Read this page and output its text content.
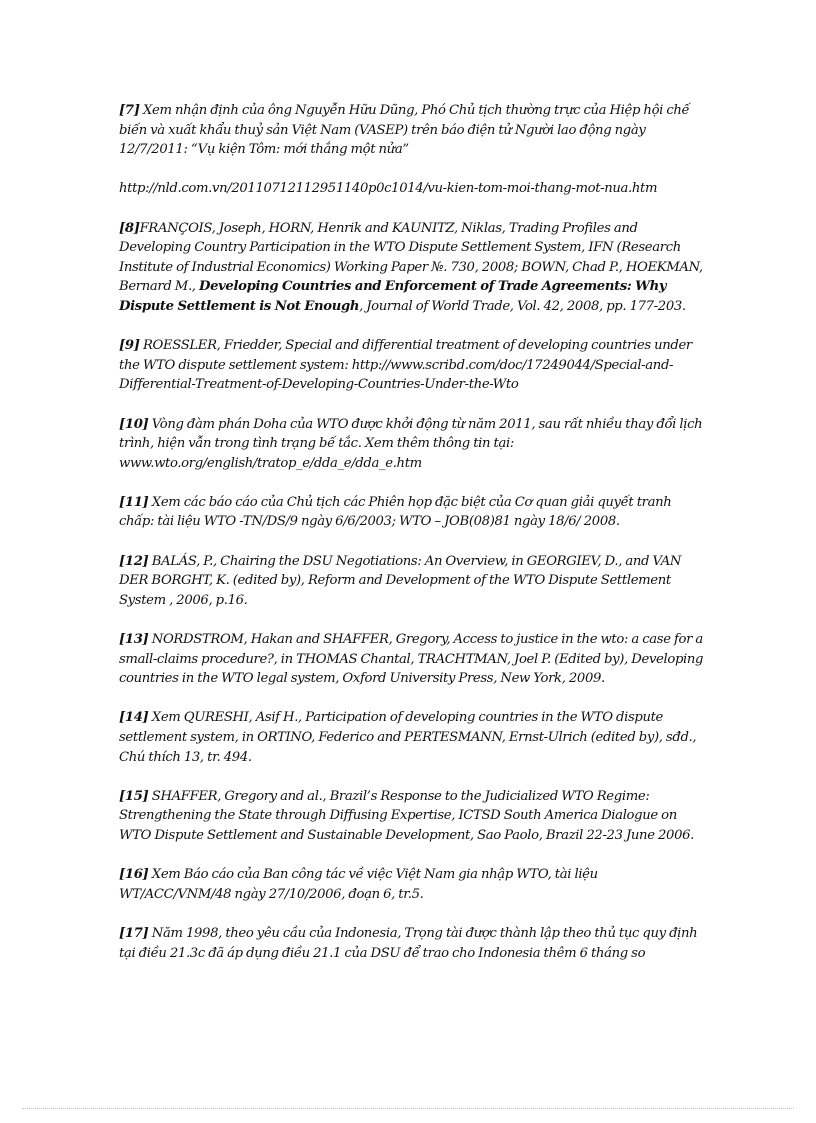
[7] Xem nhận định của ông Nguyễn Hữu Dũng, Phó Chủ tịch thường trực của Hiệp hội chế biến và xuất khẩu thuỷ sản Việt Nam (VASEP) trên báo điện tử Người lao động ngày 12/7/2011: “Vụ kiện Tôm: mới thắng một nửa”

http://nld.com.vn/20110712112951140p0c1014/vu-kien-tom-moi-thang-mot-nua.htm

[8]FRANÇOIS, Joseph, HORN, Henrik and KAUNITZ, Niklas, Trading Profiles and Developing Country Participation in the WTO Dispute Settlement System, IFN (Research Institute of Industrial Economics) Working Paper №. 730, 2008; BOWN, Chad P., HOEKMAN, Bernard M., Developing Countries and Enforcement of Trade Agreements: Why Dispute Settlement is Not Enough, Journal of World Trade, Vol. 42, 2008, pp. 177-203.

[9] ROESSLER, Friedder, Special and differential treatment of developing countries under the WTO dispute settlement system: http://www.scribd.com/doc/17249044/Special-and-Differential-Treatment-of-Developing-Countries-Under-the-Wto

[10] Vòng đàm phán Doha của WTO được khởi động từ năm 2011, sau rất nhiều thay đổi lịch trình, hiện vẫn trong tình trạng bế tắc. Xem thêm thông tin tại: www.wto.org/english/tratop_e/dda_e/dda_e.htm

[11] Xem các báo cáo của Chủ tịch các Phiên họp đặc biệt của Cơ quan giải quyết tranh chấp: tài liệu WTO -TN/DS/9 ngày 6/6/2003; WTO – JOB(08)81 ngày 18/6/ 2008.

[12] BALÁS, P., Chairing the DSU Negotiations: An Overview, in GEORGIEV, D., and VAN DER BORGHT, K. (edited by), Reform and Development of the WTO Dispute Settlement System , 2006, p.16.

[13] NORDSTROM, Hakan and SHAFFER, Gregory, Access to justice in the wto: a case for a small-claims procedure?, in THOMAS Chantal, TRACHTMAN, Joel P. (Edited by), Developing countries in the WTO legal system, Oxford University Press, New York, 2009.

[14] Xem QURESHI, Asif H., Participation of developing countries in the WTO dispute settlement system, in ORTINO, Federico and PERTESMANN, Ernst-Ulrich (edited by), sđd., Chú thích 13, tr. 494.

[15] SHAFFER, Gregory and al., Brazil’s Response to the Judicialized WTO Regime: Strengthening the State through Diffusing Expertise, ICTSD South America Dialogue on WTO Dispute Settlement and Sustainable Development, Sao Paolo, Brazil 22-23 June 2006.

[16] Xem Báo cáo của Ban công tác về việc Việt Nam gia nhập WTO, tài liệu WT/ACC/VNM/48 ngày 27/10/2006, đoạn 6, tr.5.

[17] Năm 1998, theo yêu cầu của Indonesia, Trọng tài được thành lập theo thủ tục quy định tại điều 21.3c đã áp dụng điều 21.1 của DSU để trao cho Indonesia thêm 6 tháng so
